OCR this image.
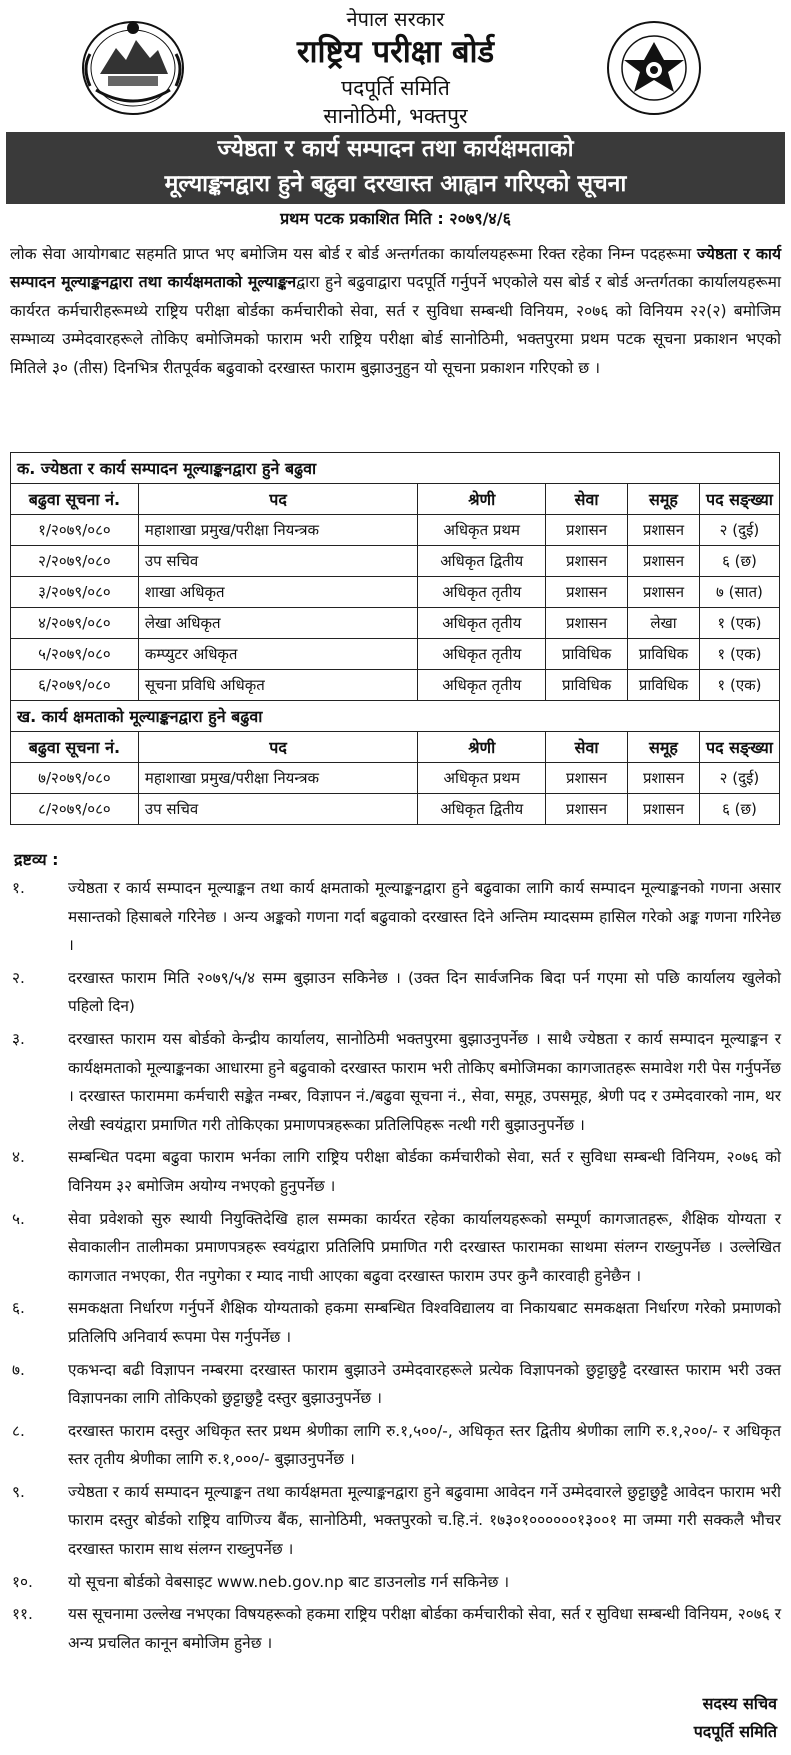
नेपाल सरकार
राष्ट्रिय परीक्षा बोर्ड
पदपूर्ति समिति
सानोठिमी, भक्तपुर
ज्येष्ठता र कार्य सम्पादन तथा कार्यक्षमताको
मूल्याङ्कनद्वारा हुने बढुवा दरखास्त आह्वान गरिएको सूचना
प्रथम पटक प्रकाशित मिति : २०७९/४/६
लोक सेवा आयोगबाट सहमति प्राप्त भए बमोजिम यस बोर्ड र बोर्ड अन्तर्गतका कार्यालयहरूमा रिक्त रहेका निम्न पदहरूमा ज्येष्ठता र कार्य सम्पादन मूल्याङ्कनद्वारा तथा कार्यक्षमताको मूल्याङ्कनद्वारा हुने बढुवाद्वारा पदपूर्ति गर्नुपर्ने भएकोले यस बोर्ड र बोर्ड अन्तर्गतका कार्यालयहरूमा कार्यरत कर्मचारीहरूमध्ये राष्ट्रिय परीक्षा बोर्डका कर्मचारीको सेवा, सर्त र सुविधा सम्बन्धी विनियम, २०७६ को विनियम २२(२) बमोजिम सम्भाव्य उम्मेदवारहरूले तोकिए बमोजिमको फाराम भरी राष्ट्रिय परीक्षा बोर्ड सानोठिमी, भक्तपुरमा प्रथम पटक सूचना प्रकाशन भएको मितिले ३० (तीस) दिनभित्र रीतपूर्वक बढुवाको दरखास्त फाराम बुझाउनुहुन यो सूचना प्रकाशन गरिएको छ ।
क. ज्येष्ठता र कार्य सम्पादन मूल्याङ्कनद्वारा हुने बढुवा					
बढुवा सूचना नं.	पद	श्रेणी	सेवा	समूह	पद सङ्ख्या
१/२०७९/०८०	महाशाखा प्रमुख/परीक्षा नियन्त्रक	अधिकृत प्रथम	प्रशासन	प्रशासन	२ (दुई)
२/२०७९/०८०	उप सचिव	अधिकृत द्वितीय	प्रशासन	प्रशासन	६ (छ)
३/२०७९/०८०	शाखा अधिकृत	अधिकृत तृतीय	प्रशासन	प्रशासन	७ (सात)
४/२०७९/०८०	लेखा अधिकृत	अधिकृत तृतीय	प्रशासन	लेखा	१ (एक)
५/२०७९/०८०	कम्प्युटर अधिकृत	अधिकृत तृतीय	प्राविधिक	प्राविधिक	१ (एक)
६/२०७९/०८०	सूचना प्रविधि अधिकृत	अधिकृत तृतीय	प्राविधिक	प्राविधिक	१ (एक)
ख. कार्य क्षमताको मूल्याङ्कनद्वारा हुने बढुवा					
बढुवा सूचना नं.	पद	श्रेणी	सेवा	समूह	पद सङ्ख्या
७/२०७९/०८०	महाशाखा प्रमुख/परीक्षा नियन्त्रक	अधिकृत प्रथम	प्रशासन	प्रशासन	२ (दुई)
८/२०७९/०८०	उप सचिव	अधिकृत द्वितीय	प्रशासन	प्रशासन	६ (छ)
द्रष्टव्य :
१.	ज्येष्ठता र कार्य सम्पादन मूल्याङ्कन तथा कार्य क्षमताको मूल्याङ्कनद्वारा हुने बढुवाका लागि कार्य सम्पादन मूल्याङ्कनको गणना असार मसान्तको हिसाबले गरिनेछ । अन्य अङ्कको गणना गर्दा बढुवाको दरखास्त दिने अन्तिम म्यादसम्म हासिल गरेको अङ्क गणना गरिनेछ ।
२.	दरखास्त फाराम मिति २०७९/५/४ सम्म बुझाउन सकिनेछ । (उक्त दिन सार्वजनिक बिदा पर्न गएमा सो पछि कार्यालय खुलेको पहिलो दिन)
३.	दरखास्त फाराम यस बोर्डको केन्द्रीय कार्यालय, सानोठिमी भक्तपुरमा बुझाउनुपर्नेछ । साथै ज्येष्ठता र कार्य सम्पादन मूल्याङ्कन र कार्यक्षमताको मूल्याङ्कनका आधारमा हुने बढुवाको दरखास्त फाराम भरी तोकिए बमोजिमका कागजातहरू समावेश गरी पेस गर्नुपर्नेछ । दरखास्त फाराममा कर्मचारी सङ्केत नम्बर, विज्ञापन नं./बढुवा सूचना नं., सेवा, समूह, उपसमूह, श्रेणी पद र उम्मेदवारको नाम, थर लेखी स्वयंद्वारा प्रमाणित गरी तोकिएका प्रमाणपत्रहरूका प्रतिलिपिहरू नत्थी गरी बुझाउनुपर्नेछ ।
४.	सम्बन्धित पदमा बढुवा फाराम भर्नका लागि राष्ट्रिय परीक्षा बोर्डका कर्मचारीको सेवा, सर्त र सुविधा सम्बन्धी विनियम, २०७६ को विनियम ३२ बमोजिम अयोग्य नभएको हुनुपर्नेछ ।
५.	सेवा प्रवेशको सुरु स्थायी नियुक्तिदेखि हाल सम्मका कार्यरत रहेका कार्यालयहरूको सम्पूर्ण कागजातहरू, शैक्षिक योग्यता र सेवाकालीन तालीमका प्रमाणपत्रहरू स्वयंद्वारा प्रतिलिपि प्रमाणित गरी दरखास्त फारामका साथमा संलग्न राख्नुपर्नेछ । उल्लेखित कागजात नभएका, रीत नपुगेका र म्याद नाघी आएका बढुवा दरखास्त फाराम उपर कुनै कारवाही हुनेछैन ।
६.	समकक्षता निर्धारण गर्नुपर्ने शैक्षिक योग्यताको हकमा सम्बन्धित विश्वविद्यालय वा निकायबाट समकक्षता निर्धारण गरेको प्रमाणको प्रतिलिपि अनिवार्य रूपमा पेस गर्नुपर्नेछ ।
७.	एकभन्दा बढी विज्ञापन नम्बरमा दरखास्त फाराम बुझाउने उम्मेदवारहरूले प्रत्येक विज्ञापनको छुट्टाछुट्टै दरखास्त फाराम भरी उक्त विज्ञापनका लागि तोकिएको छुट्टाछुट्टै दस्तुर बुझाउनुपर्नेछ ।
८.	दरखास्त फाराम दस्तुर अधिकृत स्तर प्रथम श्रेणीका लागि रु.१,५००/-, अधिकृत स्तर द्वितीय श्रेणीका लागि रु.१,२००/- र अधिकृत स्तर तृतीय श्रेणीका लागि रु.१,०००/- बुझाउनुपर्नेछ ।
९.	ज्येष्ठता र कार्य सम्पादन मूल्याङ्कन तथा कार्यक्षमता मूल्याङ्कनद्वारा हुने बढुवामा आवेदन गर्ने उम्मेदवारले छुट्टाछुट्टै आवेदन फाराम भरी फाराम दस्तुर बोर्डको राष्ट्रिय वाणिज्य बैंक, सानोठिमी, भक्तपुरको च.हि.नं. १७३०१००००००१३००१ मा जम्मा गरी सक्कलै भौचर दरखास्त फाराम साथ संलग्न राख्नुपर्नेछ ।
१०. यो सूचना बोर्डको वेबसाइट www.neb.gov.np बाट डाउनलोड गर्न सकिनेछ ।
११. यस सूचनामा उल्लेख नभएका विषयहरूको हकमा राष्ट्रिय परीक्षा बोर्डका कर्मचारीको सेवा, सर्त र सुविधा सम्बन्धी विनियम, २०७६ र अन्य प्रचलित कानून बमोजिम हुनेछ ।
सदस्य सचिव
पदपूर्ति समिति
